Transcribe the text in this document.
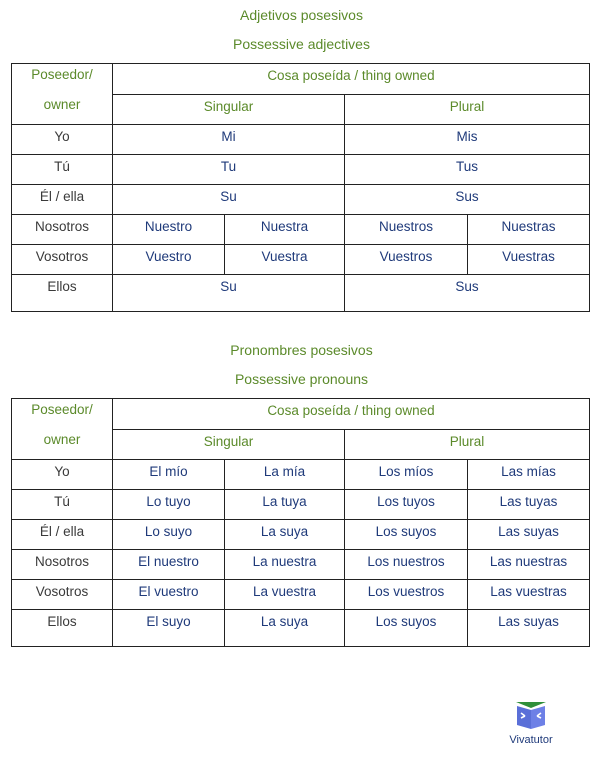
Adjetivos posesivos
Possessive adjectives
Poseedor/
owner	Cosa poseída / thing owned			
	Singular		Plural	
Yo	Mi		Mis	
Tú	Tu		Tus	
Él / ella	Su		Sus	
Nosotros	Nuestro	Nuestra	Nuestros	Nuestras
Vosotros	Vuestro	Vuestra	Vuestros	Vuestras
Ellos	Su		Sus	
Pronombres posesivos
Possessive pronouns
Poseedor/
owner	Cosa poseída / thing owned			
	Singular		Plural	
Yo	El mío	La mía	Los míos	Las mías
Tú	Lo tuyo	La tuya	Los tuyos	Las tuyas
Él / ella	Lo suyo	La suya	Los suyos	Las suyas
Nosotros	El nuestro	La nuestra	Los nuestros	Las nuestras
Vosotros	El vuestro	La vuestra	Los vuestros	Las vuestras
Ellos	El suyo	La suya	Los suyos	Las suyas
Vivatutor
